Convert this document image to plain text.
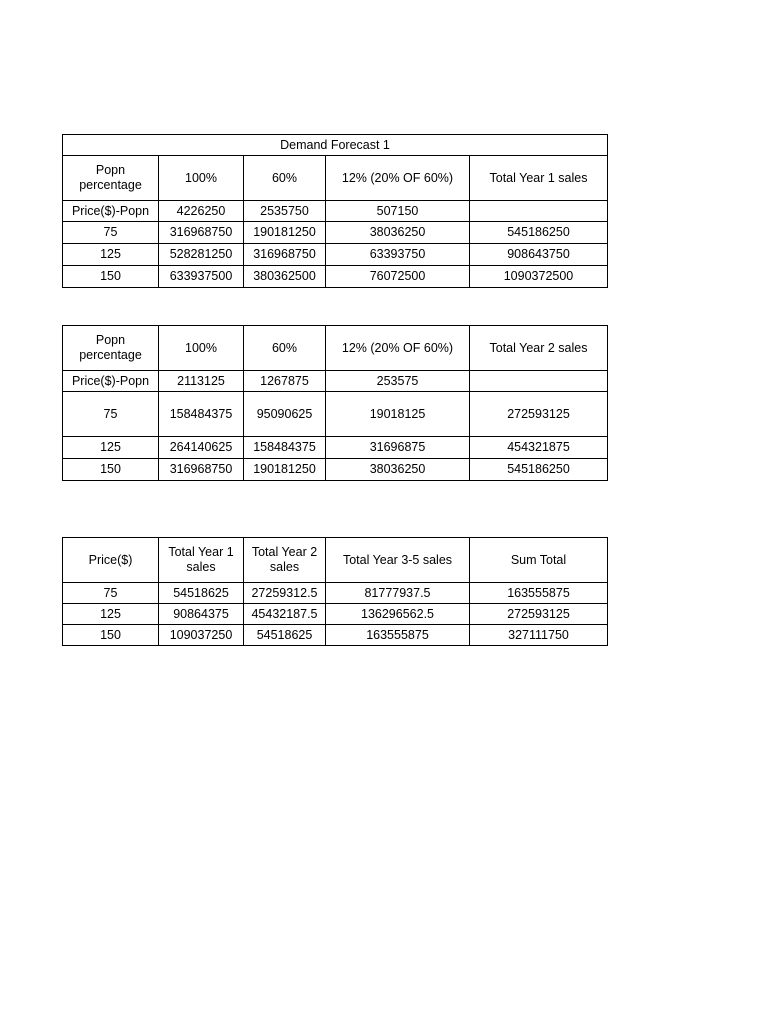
Demand Forecast 1				
Popn percentage	100%	60%	12% (20% OF 60%)	Total Year 1 sales
Price($)-Popn	4226250	2535750	507150	
75	316968750	190181250	38036250	545186250
125	528281250	316968750	63393750	908643750
150	633937500	380362500	76072500	1090372500
Popn percentage	100%	60%	12% (20% OF 60%)	Total Year 2 sales
Price($)-Popn	2113125	1267875	253575	
75	158484375	95090625	19018125	272593125
125	264140625	158484375	31696875	454321875
150	316968750	190181250	38036250	545186250
Price($)	Total Year 1 sales	Total Year 2 sales	Total Year 3-5 sales	Sum Total
75	54518625	27259312.5	81777937.5	163555875
125	90864375	45432187.5	136296562.5	272593125
150	109037250	54518625	163555875	327111750
